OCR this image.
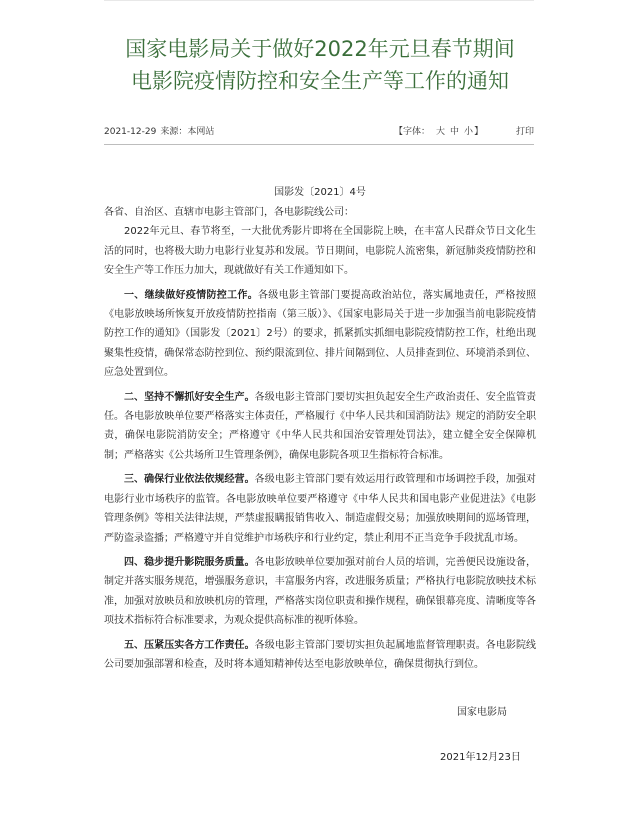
国家电影局关于做好2022年元旦春节期间
电影院疫情防控和安全生产等工作的通知
2021-12-29 来源：本网站	【字体： 大 中 小】	打印
国影发〔2021〕4号

各省、自治区、直辖市电影主管部门，各电影院线公司：

2022年元旦、春节将至，一大批优秀影片即将在全国影院上映，在丰富人民群众节日文化生活的同时，也将极大助力电影行业复苏和发展。节日期间，电影院人流密集，新冠肺炎疫情防控和安全生产等工作压力加大，现就做好有关工作通知如下。

一、继续做好疫情防控工作。各级电影主管部门要提高政治站位，落实属地责任，严格按照《电影放映场所恢复开放疫情防控指南（第三版）》、《国家电影局关于进一步加强当前电影院疫情防控工作的通知》（国影发〔2021〕2号）的要求，抓紧抓实抓细电影院疫情防控工作，杜绝出现聚集性疫情，确保常态防控到位、预约限流到位、排片间隔到位、人员排查到位、环境消杀到位、应急处置到位。

二、坚持不懈抓好安全生产。各级电影主管部门要切实担负起安全生产政治责任、安全监管责任。各电影放映单位要严格落实主体责任，严格履行《中华人民共和国消防法》规定的消防安全职责，确保电影院消防安全；严格遵守《中华人民共和国治安管理处罚法》，建立健全安全保障机制；严格落实《公共场所卫生管理条例》，确保电影院各项卫生指标符合标准。

三、确保行业依法依规经营。各级电影主管部门要有效运用行政管理和市场调控手段，加强对电影行业市场秩序的监管。各电影放映单位要严格遵守《中华人民共和国电影产业促进法》《电影管理条例》等相关法律法规，严禁虚报瞒报销售收入、制造虚假交易；加强放映期间的巡场管理，严防盗录盗播；严格遵守并自觉维护市场秩序和行业约定，禁止利用不正当竞争手段扰乱市场。

四、稳步提升影院服务质量。各电影放映单位要加强对前台人员的培训，完善便民设施设备，制定并落实服务规范，增强服务意识，丰富服务内容，改进服务质量；严格执行电影院放映技术标准，加强对放映员和放映机房的管理，严格落实岗位职责和操作规程，确保银幕亮度、清晰度等各项技术指标符合标准要求，为观众提供高标准的视听体验。

五、压紧压实各方工作责任。各级电影主管部门要切实担负起属地监督管理职责。各电影院线公司要加强部署和检查，及时将本通知精神传达至电影放映单位，确保贯彻执行到位。

国家电影局
2021年12月23日
